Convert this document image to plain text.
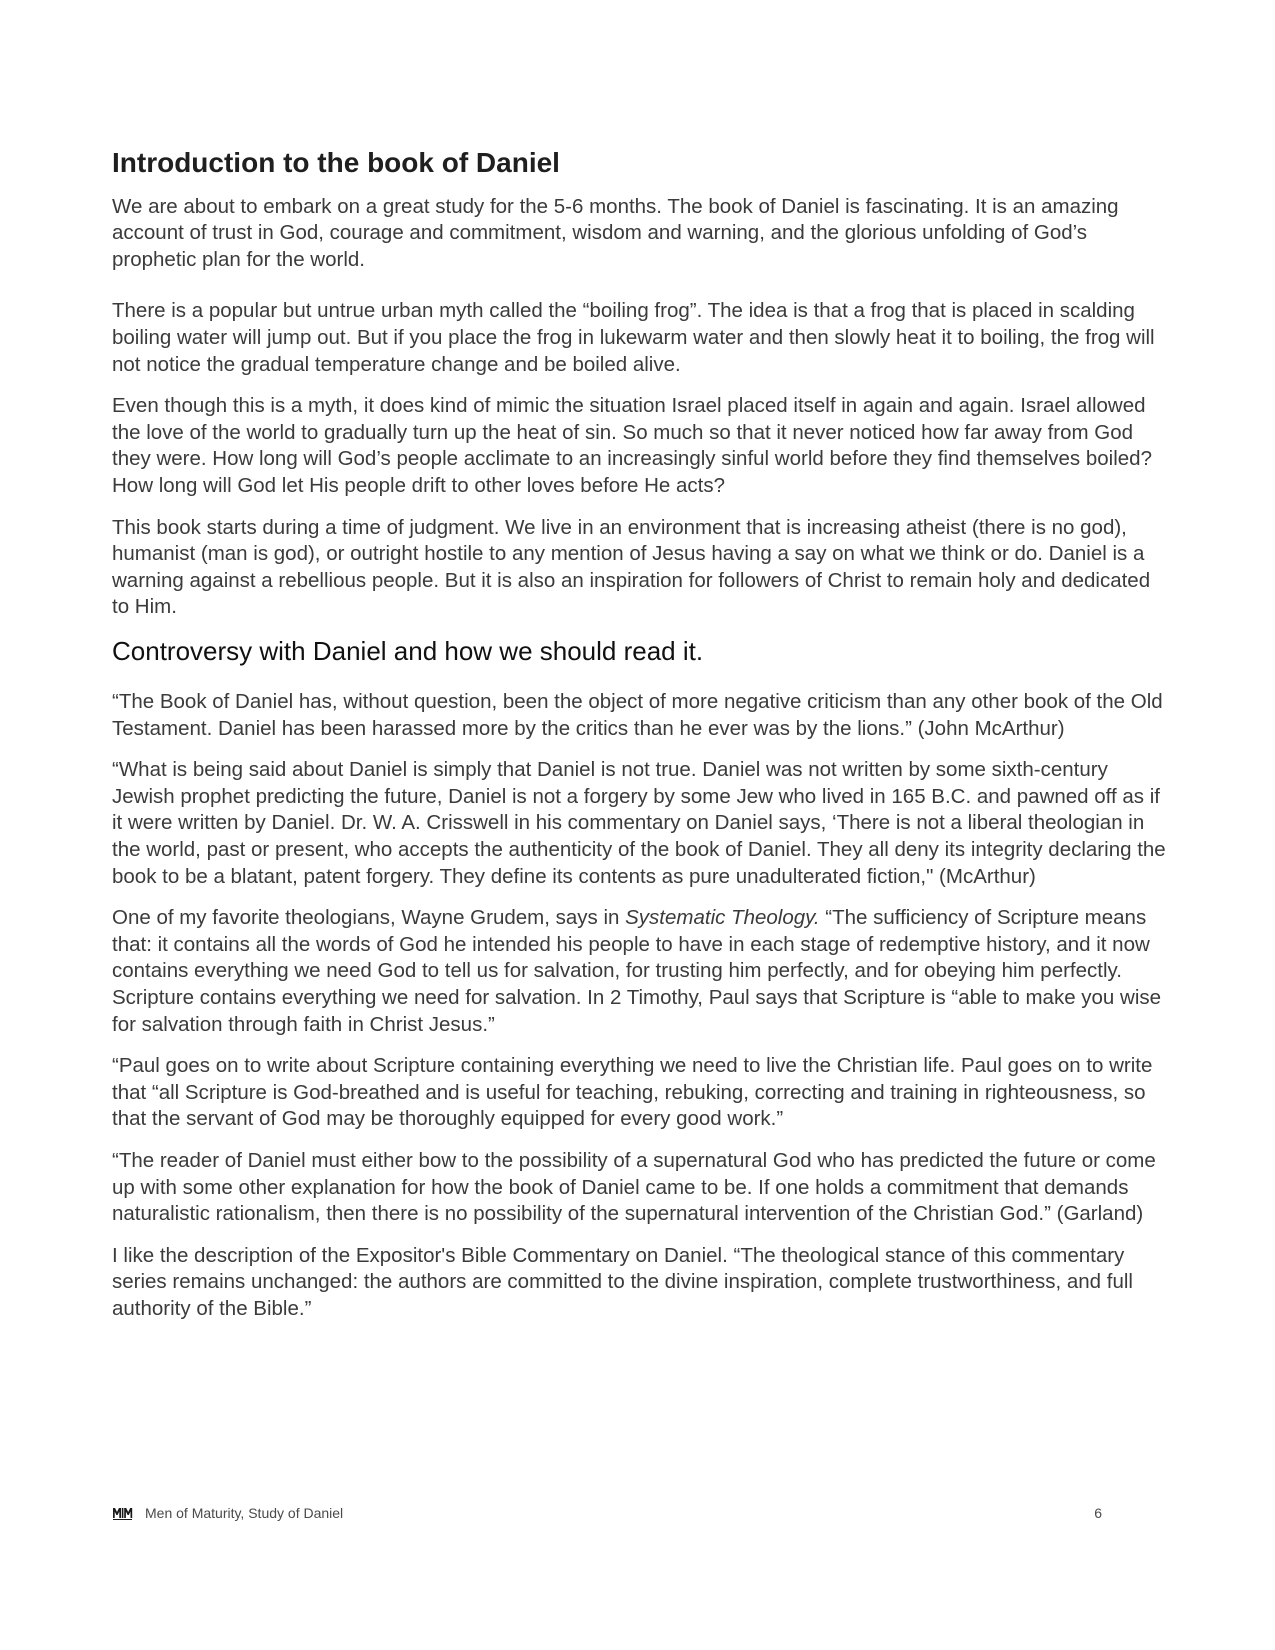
Introduction to the book of Daniel

We are about to embark on a great study for the 5-6 months. The book of Daniel is fascinating. It is an amazing account of trust in God, courage and commitment, wisdom and warning, and the glorious unfolding of God’s prophetic plan for the world.

There is a popular but untrue urban myth called the “boiling frog”. The idea is that a frog that is placed in scalding boiling water will jump out. But if you place the frog in lukewarm water and then slowly heat it to boiling, the frog will not notice the gradual temperature change and be boiled alive.

Even though this is a myth, it does kind of mimic the situation Israel placed itself in again and again. Israel allowed the love of the world to gradually turn up the heat of sin. So much so that it never noticed how far away from God they were. How long will God’s people acclimate to an increasingly sinful world before they find themselves boiled? How long will God let His people drift to other loves before He acts?

This book starts during a time of judgment. We live in an environment that is increasing atheist (there is no god), humanist (man is god), or outright hostile to any mention of Jesus having a say on what we think or do. Daniel is a warning against a rebellious people. But it is also an inspiration for followers of Christ to remain holy and dedicated to Him.

Controversy with Daniel and how we should read it.

“The Book of Daniel has, without question, been the object of more negative criticism than any other book of the Old Testament. Daniel has been harassed more by the critics than he ever was by the lions.” (John McArthur)

“What is being said about Daniel is simply that Daniel is not true. Daniel was not written by some sixth-century Jewish prophet predicting the future, Daniel is not a forgery by some Jew who lived in 165 B.C. and pawned off as if it were written by Daniel. Dr. W. A. Crisswell in his commentary on Daniel says, ‘There is not a liberal theologian in the world, past or present, who accepts the authenticity of the book of Daniel. They all deny its integrity declaring the book to be a blatant, patent forgery. They define its contents as pure unadulterated fiction," (McArthur)

One of my favorite theologians, Wayne Grudem, says in Systematic Theology. “The sufficiency of Scripture means that: it contains all the words of God he intended his people to have in each stage of redemptive history, and it now contains everything we need God to tell us for salvation, for trusting him perfectly, and for obeying him perfectly. Scripture contains everything we need for salvation. In 2 Timothy, Paul says that Scripture is “able to make you wise for salvation through faith in Christ Jesus.”

“Paul goes on to write about Scripture containing everything we need to live the Christian life. Paul goes on to write that “all Scripture is God-breathed and is useful for teaching, rebuking, correcting and training in righteousness, so that the servant of God may be thoroughly equipped for every good work.”

“The reader of Daniel must either bow to the possibility of a supernatural God who has predicted the future or come up with some other explanation for how the book of Daniel came to be. If one holds a commitment that demands naturalistic rationalism, then there is no possibility of the supernatural intervention of the Christian God.” (Garland)

I like the description of the Expositor's Bible Commentary on Daniel. “The theological stance of this commentary series remains unchanged: the authors are committed to the divine inspiration, complete trustworthiness, and full authority of the Bible.”

Men of Maturity, Study of Daniel	6
